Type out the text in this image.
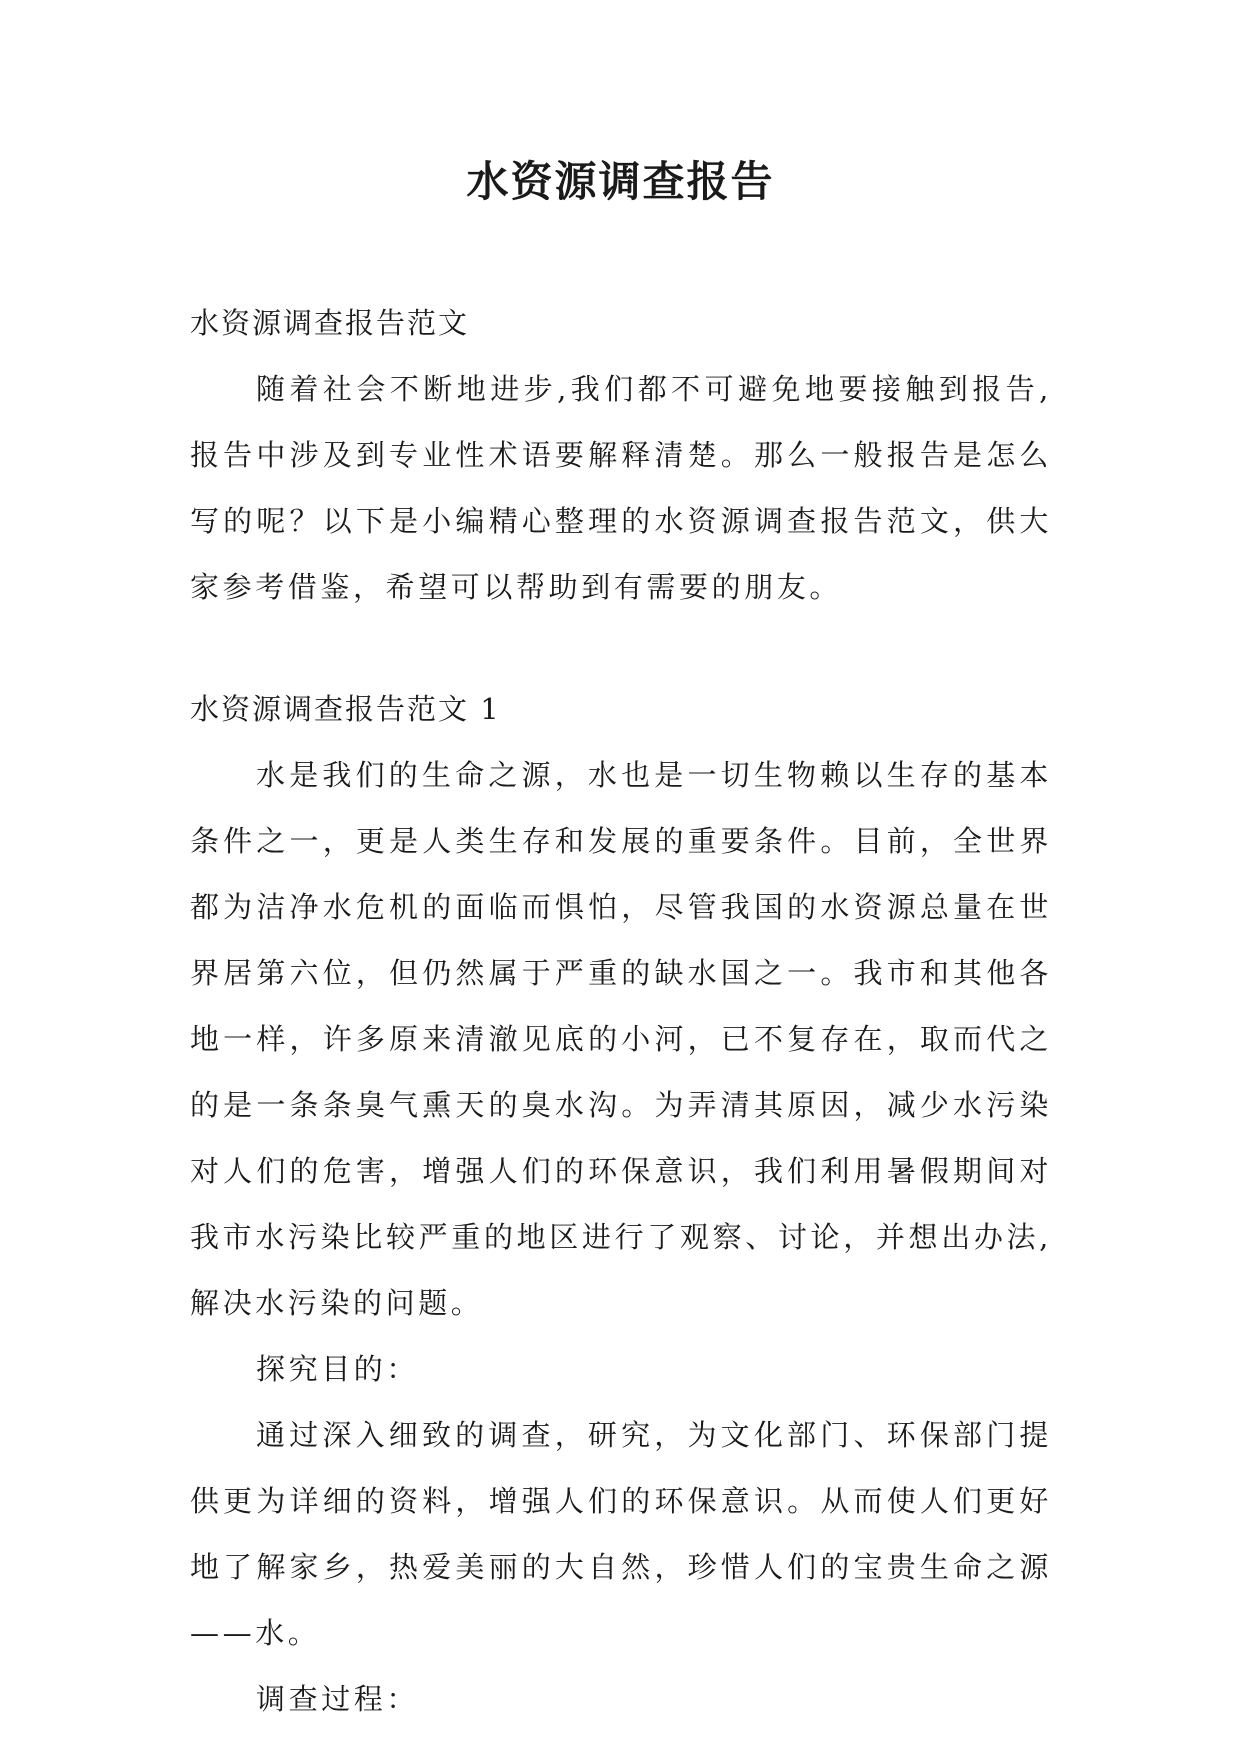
水资源调查报告

水资源调查报告范文

随着社会不断地进步,我们都不可避免地要接触到报告,报告中涉及到专业性术语要解释清楚。那么一般报告是怎么写的呢？以下是小编精心整理的水资源调查报告范文，供大家参考借鉴，希望可以帮助到有需要的朋友。

水资源调查报告范文 1

水是我们的生命之源，水也是一切生物赖以生存的基本条件之一，更是人类生存和发展的重要条件。目前，全世界都为洁净水危机的面临而惧怕，尽管我国的水资源总量在世界居第六位，但仍然属于严重的缺水国之一。我市和其他各地一样，许多原来清澈见底的小河，已不复存在，取而代之的是一条条臭气熏天的臭水沟。为弄清其原因，减少水污染对人们的危害，增强人们的环保意识，我们利用暑假期间对我市水污染比较严重的地区进行了观察、讨论，并想出办法,解决水污染的问题。

探究目的：

通过深入细致的调查，研究，为文化部门、环保部门提供更为详细的资料，增强人们的环保意识。从而使人们更好地了解家乡，热爱美丽的大自然，珍惜人们的宝贵生命之源——水。

调查过程：
